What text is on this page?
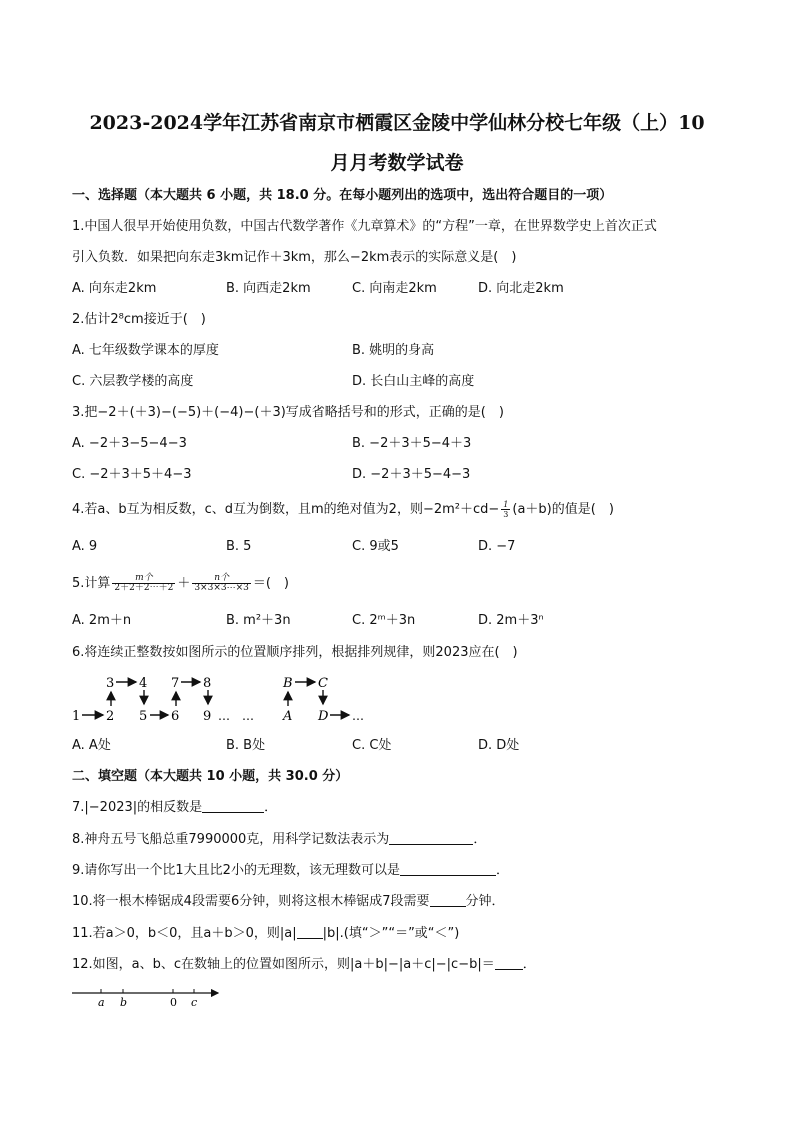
2023-2024学年江苏省南京市栖霞区金陵中学仙林分校七年级（上）10
月月考数学试卷
一、选择题（本大题共 6 小题，共 18.0 分。在每小题列出的选项中，选出符合题目的一项）
1.中国人很早开始使用负数，中国古代数学著作《九章算术》的“方程”一章，在世界数学史上首次正式
引入负数．如果把向东走3km记作＋3km，那么−2km表示的实际意义是(　)
A. 向东走2km	B. 向西走2km	C. 向南走2km	D. 向北走2km
2.估计2⁸cm接近于(　)
A. 七年级数学课本的厚度	B. 姚明的身高
C. 六层教学楼的高度	D. 长白山主峰的高度
3.把−2＋(＋3)−(−5)＋(−4)−(＋3)写成省略括号和的形式，正确的是(　)
A. −2＋3−5−4−3	B. −2＋3＋5−4＋3
C. −2＋3＋5＋4−3	D. −2＋3＋5−4−3
4.若a、b互为相反数，c、d互为倒数，且m的绝对值为2，则$-2m^2+cd- \frac{1}{3} (a+b)$的值是(　)
A. 9	B. 5	C. 9或5	D. −7
5.计算 $\frac{\text{m个}}{2+2+2\cdots+2} + \frac{\text{n个}}{3\times 3\times 3\cdots\times 3}$ ＝(　)
A. 2m＋n	B. m²＋3n	C. 2ᵐ＋3n	D. 2m＋3ⁿ
6.将连续正整数按如图所示的位置顺序排列，根据排列规律，则2023应在(　)
1 2 5 6 9 … … A D …
3 4 7 8	B C
A. A处	B. B处	C. C处	D. D处
二、填空题（本大题共 10 小题，共 30.0 分）
7.|−2023|的相反数是	．
8.神舟五号飞船总重7990000克，用科学记数法表示为	．
9.请你写出一个比1大且比2小的无理数，该无理数可以是	．
10.将一根木棒锯成4段需要6分钟，则将这根木棒锯成7段需要	分钟．
11.若a＞0，b＜0，且a＋b＞0，则|a| |b|.(填“＞”“＝”或“＜”)
12.如图，a、b、c在数轴上的位置如图所示，则|a＋b|−|a＋c|−|c−b|＝ ．
a b	0 c
